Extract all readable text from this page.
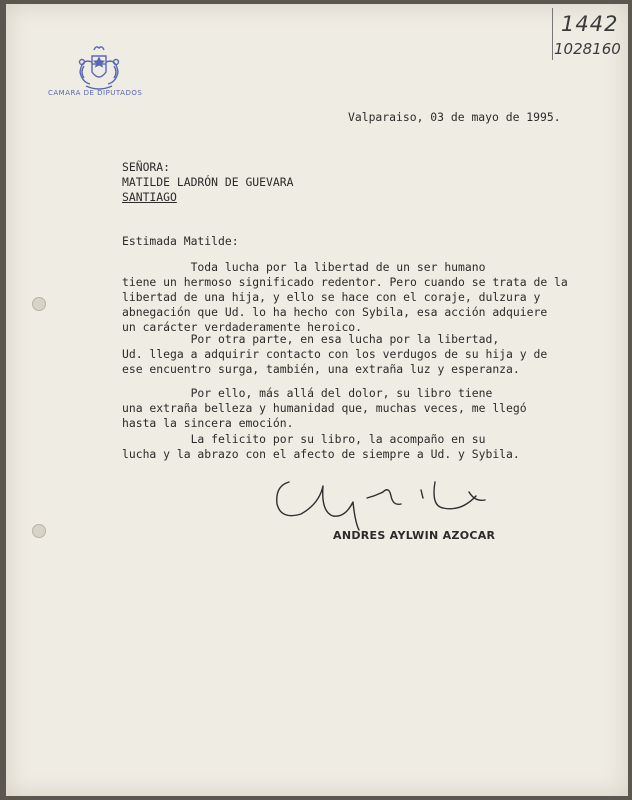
1442
1028160
CAMARA DE DIPUTADOS
Valparaiso, 03 de mayo de 1995.
SEÑORA:
MATILDE LADRÓN DE GUEVARA
SANTIAGO
Estimada Matilde:
Toda lucha por la libertad de un ser humano
tiene un hermoso significado redentor. Pero cuando se trata de la
libertad de una hija, y ello se hace con el coraje, dulzura y
abnegación que Ud. lo ha hecho con Sybila, esa acción adquiere
un carácter verdaderamente heroico.
Por otra parte, en esa lucha por la libertad,
Ud. llega a adquirir contacto con los verdugos de su hija y de
ese encuentro surga, también, una extraña luz y esperanza.
Por ello, más allá del dolor, su libro tiene
una extraña belleza y humanidad que, muchas veces, me llegó
hasta la sincera emoción.
La felicito por su libro, la acompaño en su
lucha y la abrazo con el afecto de siempre a Ud. y Sybila.
ANDRES AYLWIN AZOCAR
